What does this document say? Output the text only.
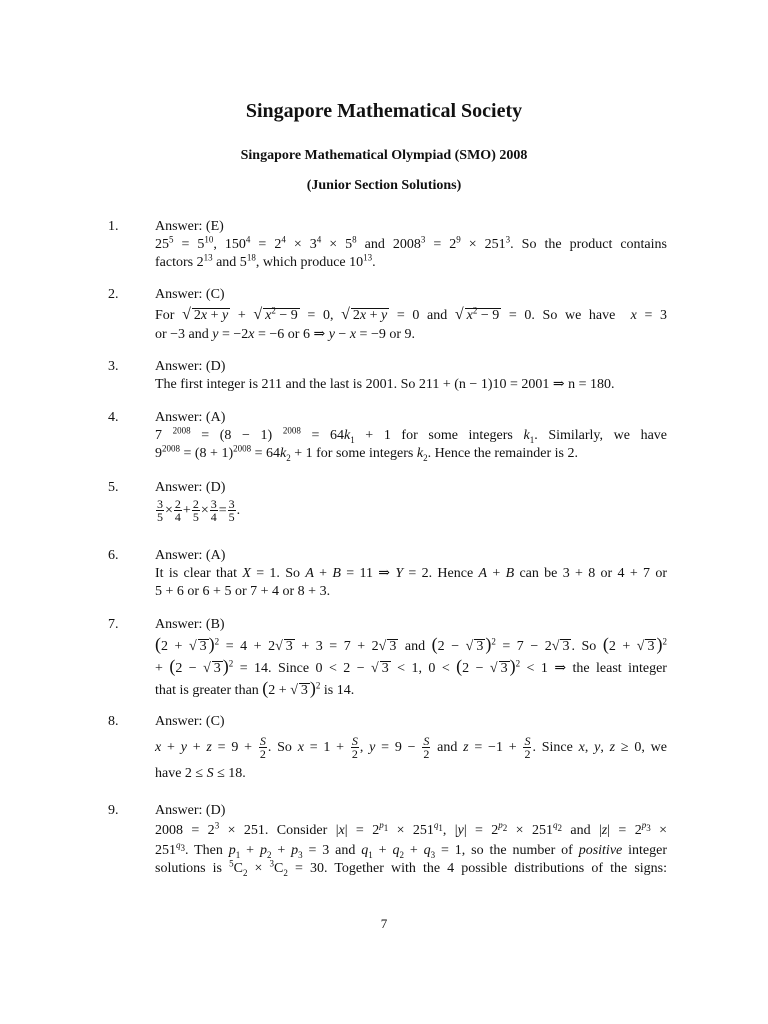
Singapore Mathematical Society
Singapore Mathematical Olympiad (SMO) 2008
(Junior Section Solutions)
1.	Answer: (E)
$25^5 = 5^{10}$, $150^4 = 2^4 \times 3^4 \times 5^8$ and $2008^3 = 2^9 \times 251^3$. So the product contains
factors $2^{13}$ and $5^{18}$, which produce $10^{13}$.
2.	Answer: (C)
For √ 2x + y + √ $x^2 - 9 = 0$, √ 2x + y = 0 and √ $x^2 - 9 = 0$. So we have  x = 3
or −3 and y = −2x = −6 or 6 ⇒ y − x = −9 or 9.
3.	Answer: (D)
The first integer is 211 and the last is 2001. So 211 + (n − 1)10 = 2001 ⇒ n = 180.
4.	Answer: (A)
7 $^{2008}$ = (8 − 1) $^{2008} = 64k_1 + 1$ for some integers $k_1$. Similarly, we have
$9^{2008} = (8 + 1)^{2008} = 64k_2 + 1$ for some integers $k_2$. Hence the remainder is 2.
5.	Answer: (D)
$\frac{3}{5} \times \frac{2}{4} + \frac{2}{5} \times \frac{3}{4} = \frac{3}{5}$ .
6.	Answer: (A)
It is clear that X = 1. So A + B = 11 ⇒ Y = 2. Hence A + B can be 3 + 8 or 4 + 7 or
5 + 6 or 6 + 5 or 7 + 4 or 8 + 3.
7.	Answer: (B)
(2 + √ 3 )$^2$ = 4 + 2√ 3 + 3 = 7 + 2√ 3 and (2 − √ 3 )$^2$ = 7 − 2√ 3 . So (2 + √ 3 )$^2$
+ (2 − √ 3 )$^2$ = 14. Since 0 < 2 − √ 3 < 1, 0 < (2 − √ 3 )$^2$ < 1 ⇒ the least integer
that is greater than (2 + √ 3 )$^2$ is 14.
8.	Answer: (C)
$x + y + z = 9 + \frac{S}{2}$ . So $x = 1 + \frac{S}{2}$ , $y = 9 - \frac{S}{2}$ and $z = -1 + \frac{S}{2}$ . Since x, y, z ≥ 0, we
have 2 ≤ S ≤ 18.
9.	Answer: (D)
$2008 = 2^3 \times 251$. Consider $|x| = 2^{p_1} \times 251^{q_1}$, $|y| = 2^{p_2} \times 251^{q_2}$ and $|z| = 2^{p_3}$ ×
$251^{q_3}$. Then $p_1 + p_2 + p_3 = 3$ and $q_1 + q_2 + q_3 = 1$, so the number of positive integer
solutions is $^5C_2 \times ^3C_2 = 30$. Together with the 4 possible distributions of the signs:
7
